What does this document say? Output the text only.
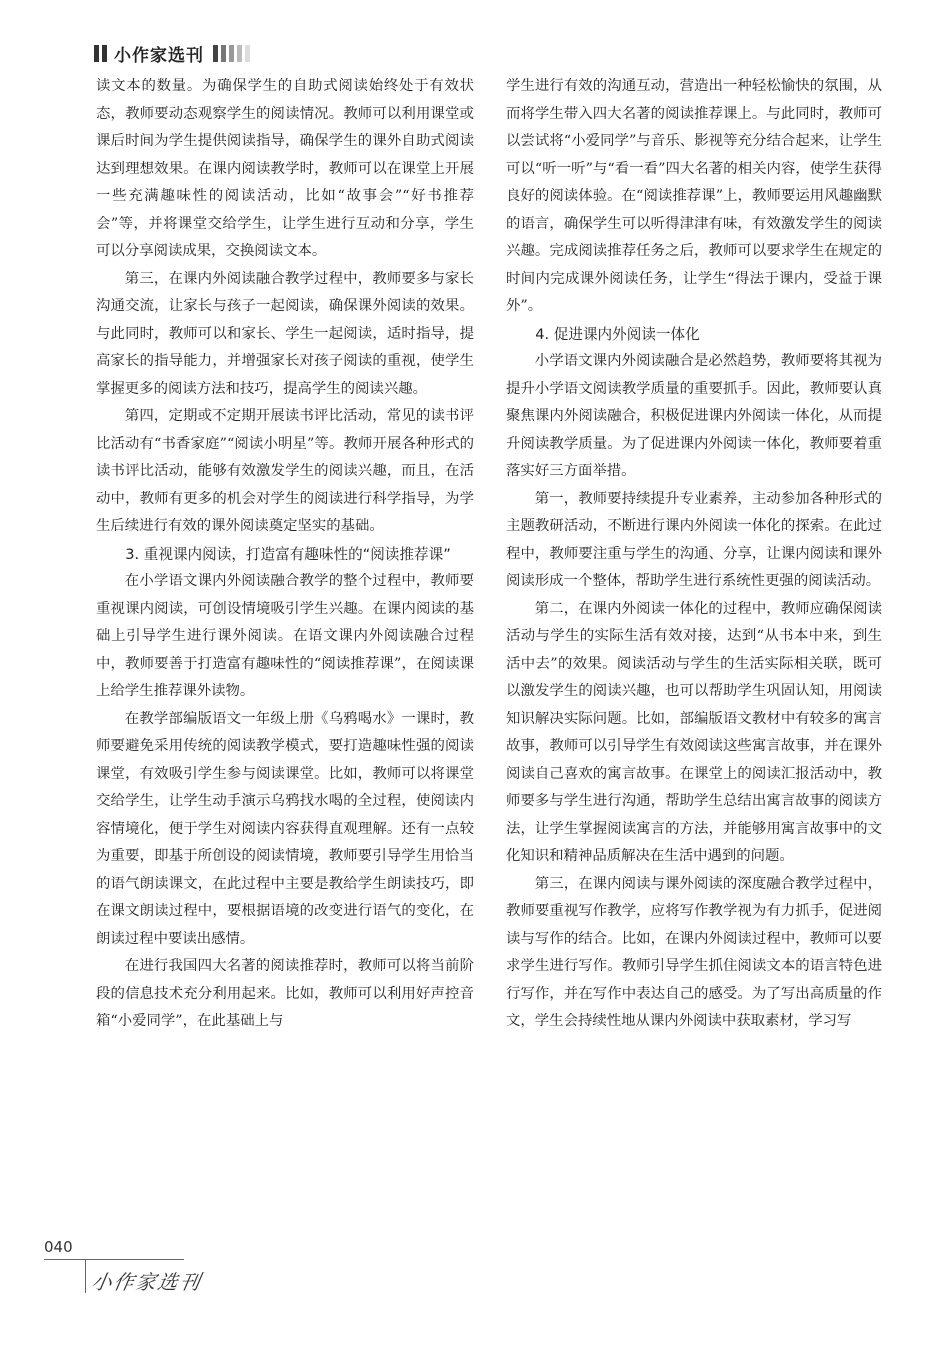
小作家选刊

读文本的数量。为确保学生的自助式阅读始终处于有效状态，教师要动态观察学生的阅读情况。教师可以利用课堂或课后时间为学生提供阅读指导，确保学生的课外自助式阅读达到理想效果。在课内阅读教学时，教师可以在课堂上开展一些充满趣味性的阅读活动，比如“故事会”“好书推荐会”等，并将课堂交给学生，让学生进行互动和分享，学生可以分享阅读成果，交换阅读文本。

第三，在课内外阅读融合教学过程中，教师要多与家长沟通交流，让家长与孩子一起阅读，确保课外阅读的效果。与此同时，教师可以和家长、学生一起阅读，适时指导，提高家长的指导能力，并增强家长对孩子阅读的重视，使学生掌握更多的阅读方法和技巧，提高学生的阅读兴趣。

第四，定期或不定期开展读书评比活动，常见的读书评比活动有“书香家庭”“阅读小明星”等。教师开展各种形式的读书评比活动，能够有效激发学生的阅读兴趣，而且，在活动中，教师有更多的机会对学生的阅读进行科学指导，为学生后续进行有效的课外阅读奠定坚实的基础。

3. 重视课内阅读，打造富有趣味性的“阅读推荐课”

在小学语文课内外阅读融合教学的整个过程中，教师要重视课内阅读，可创设情境吸引学生兴趣。在课内阅读的基础上引导学生进行课外阅读。在语文课内外阅读融合过程中，教师要善于打造富有趣味性的“阅读推荐课”，在阅读课上给学生推荐课外读物。

在教学部编版语文一年级上册《乌鸦喝水》一课时，教师要避免采用传统的阅读教学模式，要打造趣味性强的阅读课堂，有效吸引学生参与阅读课堂。比如，教师可以将课堂交给学生，让学生动手演示乌鸦找水喝的全过程，使阅读内容情境化，便于学生对阅读内容获得直观理解。还有一点较为重要，即基于所创设的阅读情境，教师要引导学生用恰当的语气朗读课文，在此过程中主要是教给学生朗读技巧，即在课文朗读过程中，要根据语境的改变进行语气的变化，在朗读过程中要读出感情。

在进行我国四大名著的阅读推荐时，教师可以将当前阶段的信息技术充分利用起来。比如，教师可以利用好声控音箱“小爱同学”，在此基础上与

学生进行有效的沟通互动，营造出一种轻松愉快的氛围，从而将学生带入四大名著的阅读推荐课上。与此同时，教师可以尝试将“小爱同学”与音乐、影视等充分结合起来，让学生可以“听一听”与“看一看”四大名著的相关内容，使学生获得良好的阅读体验。在“阅读推荐课”上，教师要运用风趣幽默的语言，确保学生可以听得津津有味，有效激发学生的阅读兴趣。完成阅读推荐任务之后，教师可以要求学生在规定的时间内完成课外阅读任务，让学生“得法于课内，受益于课外”。

4. 促进课内外阅读一体化

小学语文课内外阅读融合是必然趋势，教师要将其视为提升小学语文阅读教学质量的重要抓手。因此，教师要认真聚焦课内外阅读融合，积极促进课内外阅读一体化，从而提升阅读教学质量。为了促进课内外阅读一体化，教师要着重落实好三方面举措。

第一，教师要持续提升专业素养，主动参加各种形式的主题教研活动，不断进行课内外阅读一体化的探索。在此过程中，教师要注重与学生的沟通、分享，让课内阅读和课外阅读形成一个整体，帮助学生进行系统性更强的阅读活动。

第二，在课内外阅读一体化的过程中，教师应确保阅读活动与学生的实际生活有效对接，达到“从书本中来，到生活中去”的效果。阅读活动与学生的生活实际相关联，既可以激发学生的阅读兴趣，也可以帮助学生巩固认知，用阅读知识解决实际问题。比如，部编版语文教材中有较多的寓言故事，教师可以引导学生有效阅读这些寓言故事，并在课外阅读自己喜欢的寓言故事。在课堂上的阅读汇报活动中，教师要多与学生进行沟通，帮助学生总结出寓言故事的阅读方法，让学生掌握阅读寓言的方法，并能够用寓言故事中的文化知识和精神品质解决在生活中遇到的问题。

第三，在课内阅读与课外阅读的深度融合教学过程中，教师要重视写作教学，应将写作教学视为有力抓手，促进阅读与写作的结合。比如，在课内外阅读过程中，教师可以要求学生进行写作。教师引导学生抓住阅读文本的语言特色进行写作，并在写作中表达自己的感受。为了写出高质量的作文，学生会持续性地从课内外阅读中获取素材，学习写

040
小作家选刊
